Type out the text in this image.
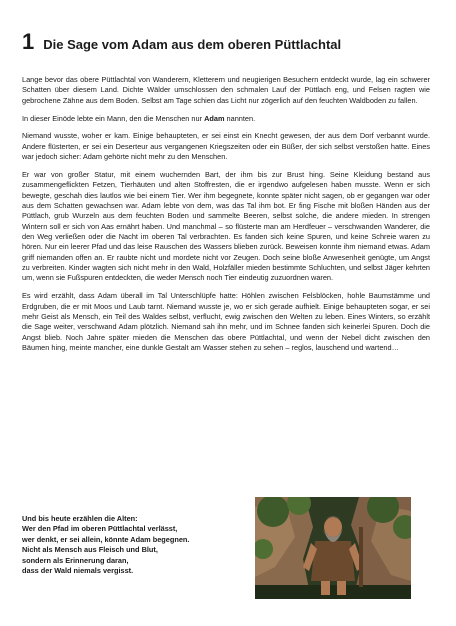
1 Die Sage vom Adam aus dem oberen Püttlachtal

Lange bevor das obere Püttlachtal von Wanderern, Kletterern und neugierigen Besuchern entdeckt wurde, lag ein schwerer Schatten über diesem Land. Dichte Wälder umschlossen den schmalen Lauf der Püttlach eng, und Felsen ragten wie gebrochene Zähne aus dem Boden. Selbst am Tage schien das Licht nur zögerlich auf den feuchten Waldboden zu fallen.

In dieser Einöde lebte ein Mann, den die Menschen nur Adam nannten.

Niemand wusste, woher er kam. Einige behaupteten, er sei einst ein Knecht gewesen, der aus dem Dorf verbannt wurde. Andere flüsterten, er sei ein Deserteur aus vergangenen Kriegszeiten oder ein Büßer, der sich selbst verstoßen hatte. Eines war jedoch sicher: Adam gehörte nicht mehr zu den Menschen.

Er war von großer Statur, mit einem wuchernden Bart, der ihm bis zur Brust hing. Seine Kleidung bestand aus zusammengeflickten Fetzen, Tierhäuten und alten Stoffresten, die er irgendwo aufgelesen haben musste. Wenn er sich bewegte, geschah dies lautlos wie bei einem Tier. Wer ihm begegnete, konnte später nicht sagen, ob er gegangen war oder aus dem Schatten gewachsen war. Adam lebte von dem, was das Tal ihm bot. Er fing Fische mit bloßen Händen aus der Püttlach, grub Wurzeln aus dem feuchten Boden und sammelte Beeren, selbst solche, die andere mieden. In strengen Wintern soll er sich von Aas ernährt haben. Und manchmal – so flüsterte man am Herdfeuer – verschwanden Wanderer, die den Weg verließen oder die Nacht im oberen Tal verbrachten. Es fanden sich keine Spuren, und keine Schreie waren zu hören. Nur ein leerer Pfad und das leise Rauschen des Wassers blieben zurück. Beweisen konnte ihm niemand etwas. Adam griff niemanden offen an. Er raubte nicht und mordete nicht vor Zeugen. Doch seine bloße Anwesenheit genügte, um Angst zu verbreiten. Kinder wagten sich nicht mehr in den Wald, Holzfäller mieden bestimmte Schluchten, und selbst Jäger kehrten um, wenn sie Fußspuren entdeckten, die weder Mensch noch Tier eindeutig zuzuordnen waren.

Es wird erzählt, dass Adam überall im Tal Unterschlüpfe hatte: Höhlen zwischen Felsblöcken, hohle Baumstämme und Erdgruben, die er mit Moos und Laub tarnt. Niemand wusste je, wo er sich gerade aufhielt. Einige behaupteten sogar, er sei mehr Geist als Mensch, ein Teil des Waldes selbst, verflucht, ewig zwischen den Welten zu leben. Eines Winters, so erzählt die Sage weiter, verschwand Adam plötzlich. Niemand sah ihn mehr, und im Schnee fanden sich keinerlei Spuren. Doch die Angst blieb. Noch Jahre später mieden die Menschen das obere Püttlachtal, und wenn der Nebel dicht zwischen den Bäumen hing, meinte mancher, eine dunkle Gestalt am Wasser stehen zu sehen – reglos, lauschend und wartend…

Und bis heute erzählen die Alten:
Wer den Pfad im oberen Püttlachtal verlässt,
wer denkt, er sei allein, könnte Adam begegnen.
Nicht als Mensch aus Fleisch und Blut,
sondern als Erinnerung daran,
dass der Wald niemals vergisst.
